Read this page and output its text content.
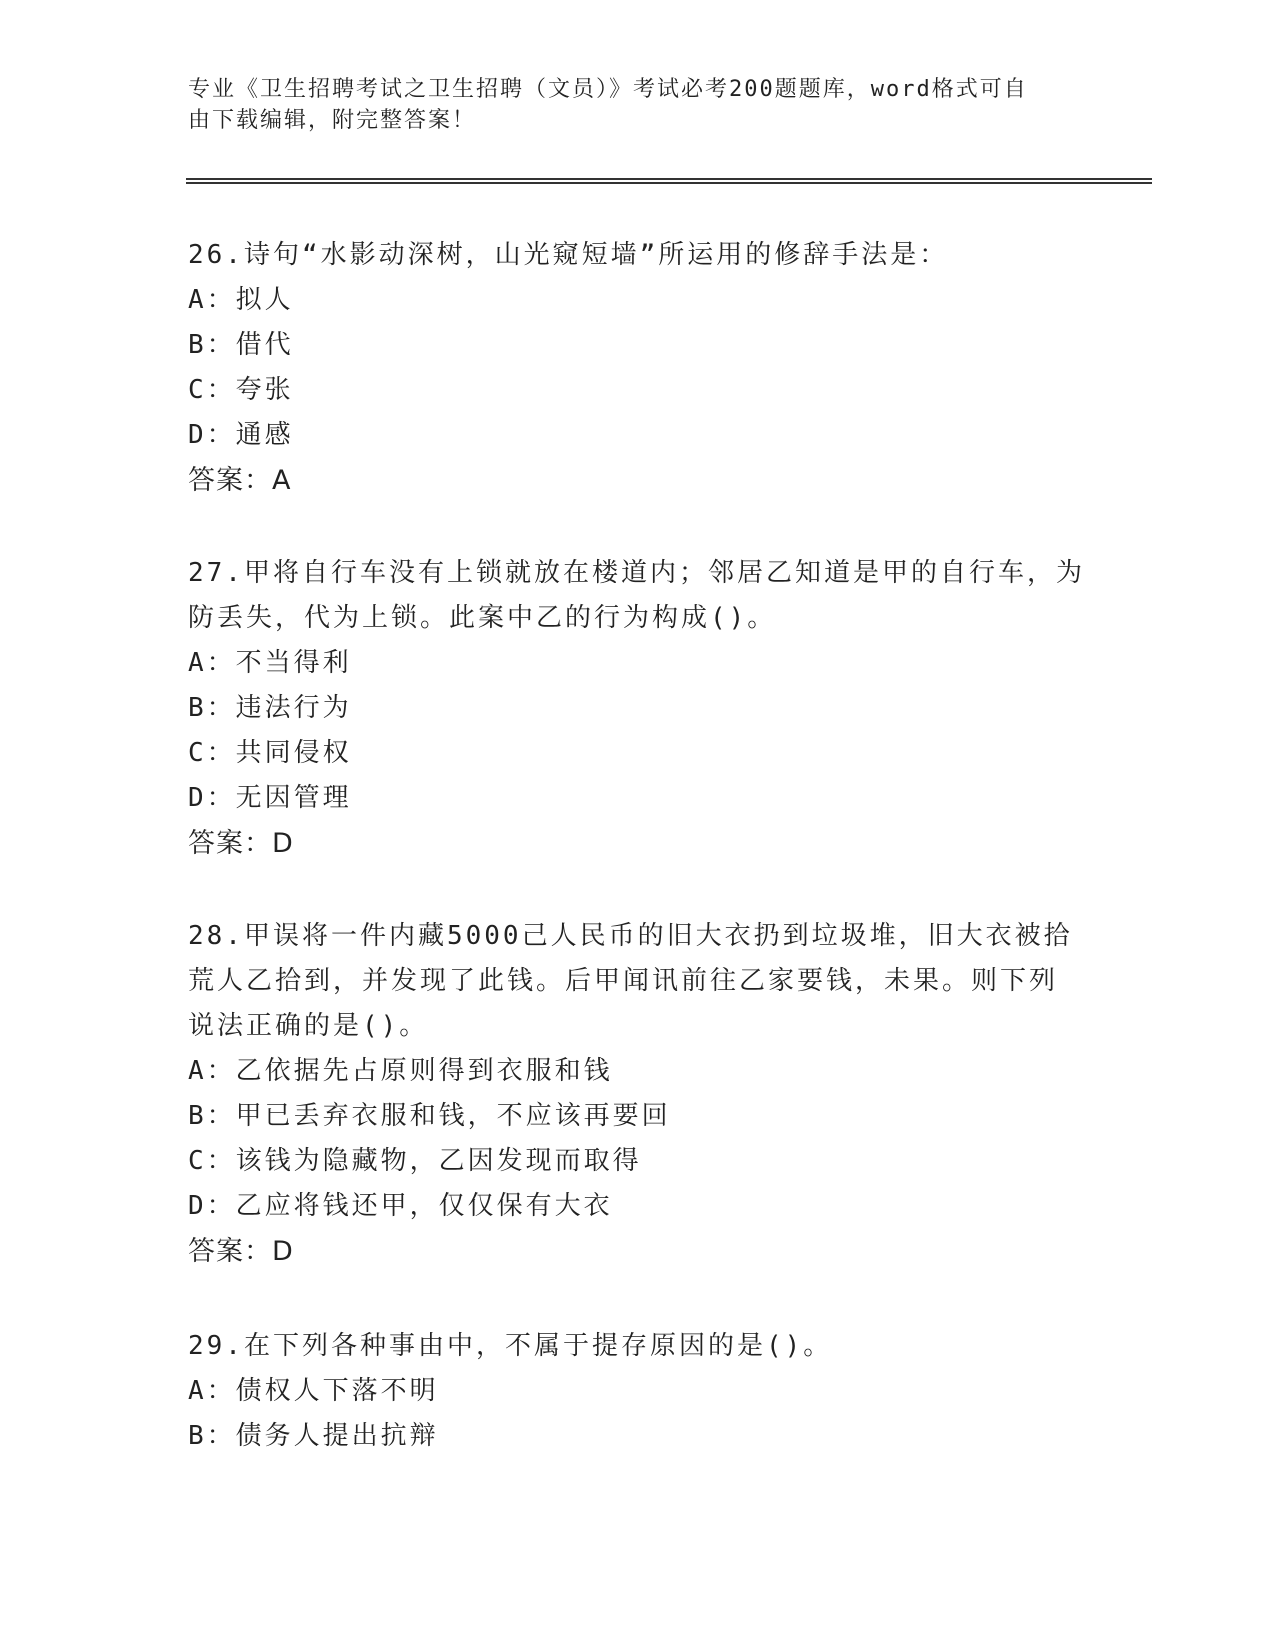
专业《卫生招聘考试之卫生招聘（文员）》考试必考200题题库，word格式可自
由下载编辑，附完整答案！
26.诗句“水影动深树，山光窥短墙”所运用的修辞手法是：
A：拟人
B：借代
C：夸张
D：通感
答案：A
27.甲将自行车没有上锁就放在楼道内；邻居乙知道是甲的自行车，为
防丢失，代为上锁。此案中乙的行为构成()。
A：不当得利
B：违法行为
C：共同侵权
D：无因管理
答案：D
28.甲误将一件内藏5000己人民币的旧大衣扔到垃圾堆，旧大衣被拾
荒人乙拾到，并发现了此钱。后甲闻讯前往乙家要钱，未果。则下列
说法正确的是()。
A：乙依据先占原则得到衣服和钱
B：甲已丢弃衣服和钱，不应该再要回
C：该钱为隐藏物，乙因发现而取得
D：乙应将钱还甲，仅仅保有大衣
答案：D
29.在下列各种事由中，不属于提存原因的是()。
A：债权人下落不明
B：债务人提出抗辩
